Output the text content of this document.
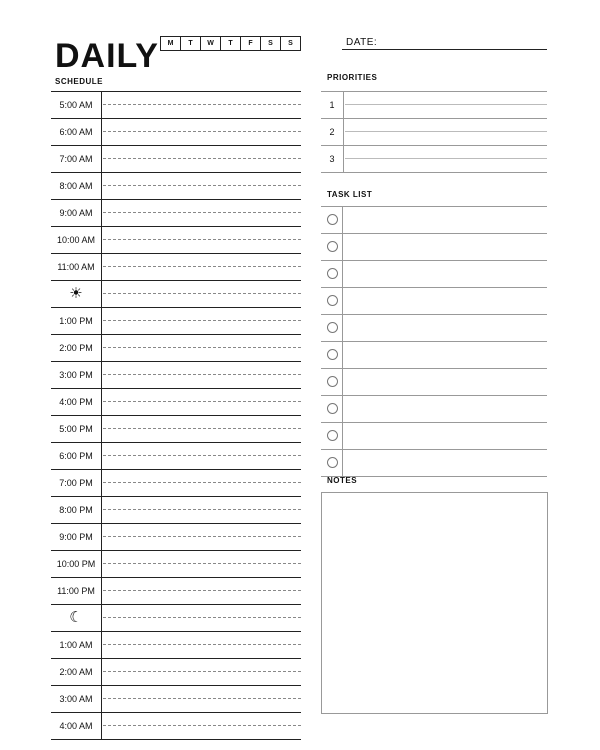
DAILY	M	T	W	T	F	S	S	DATE:
SCHEDULE
5:00 AM
6:00 AM
7:00 AM
8:00 AM
9:00 AM
10:00 AM
11:00 AM
☀
1:00 PM
2:00 PM
3:00 PM
4:00 PM
5:00 PM
6:00 PM
7:00 PM
8:00 PM
9:00 PM
10:00 PM
11:00 PM
☾
1:00 AM
2:00 AM
3:00 AM
4:00 AM
PRIORITIES
1
2
3
TASK LIST
NOTES
